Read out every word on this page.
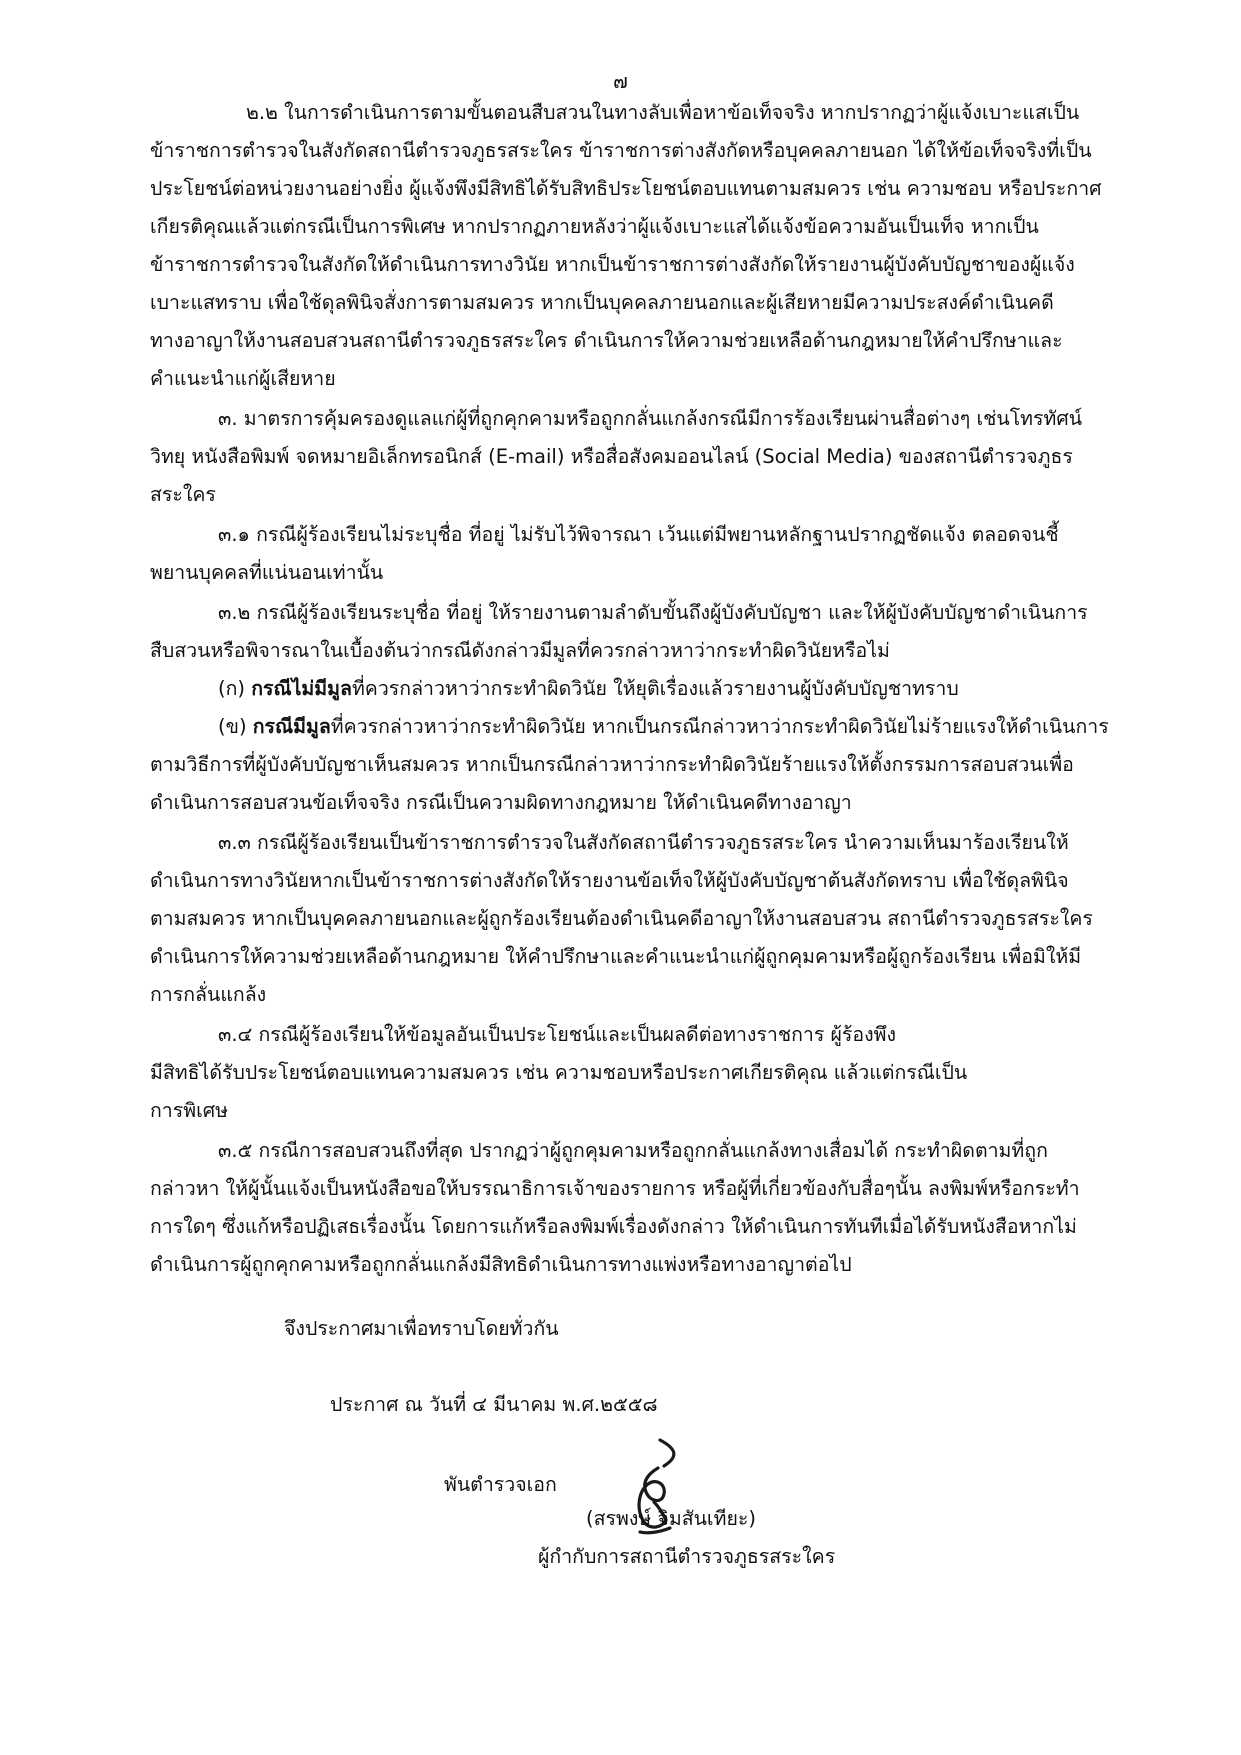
๗
๒.๒ ในการดำเนินการตามขั้นตอนสืบสวนในทางลับเพื่อหาข้อเท็จจริง หากปรากฏว่าผู้แจ้งเบาะแสเป็น
ข้าราชการตำรวจในสังกัดสถานีตำรวจภูธรสระใคร ข้าราชการต่างสังกัดหรือบุคคลภายนอก ได้ให้ข้อเท็จจริงที่เป็น
ประโยชน์ต่อหน่วยงานอย่างยิ่ง ผู้แจ้งพึงมีสิทธิได้รับสิทธิประโยชน์ตอบแทนตามสมควร เช่น ความชอบ หรือประกาศ
เกียรติคุณแล้วแต่กรณีเป็นการพิเศษ หากปรากฏภายหลังว่าผู้แจ้งเบาะแสได้แจ้งข้อความอันเป็นเท็จ หากเป็น
ข้าราชการตำรวจในสังกัดให้ดำเนินการทางวินัย หากเป็นข้าราชการต่างสังกัดให้รายงานผู้บังคับบัญชาของผู้แจ้ง
เบาะแสทราบ เพื่อใช้ดุลพินิจสั่งการตามสมควร หากเป็นบุคคลภายนอกและผู้เสียหายมีความประสงค์ดำเนินคดี
ทางอาญาให้งานสอบสวนสถานีตำรวจภูธรสระใคร ดำเนินการให้ความช่วยเหลือด้านกฎหมายให้คำปรึกษาและ
คำแนะนำแก่ผู้เสียหาย
๓. มาตรการคุ้มครองดูแลแก่ผู้ที่ถูกคุกคามหรือถูกกลั่นแกล้งกรณีมีการร้องเรียนผ่านสื่อต่างๆ เช่นโทรทัศน์
วิทยุ หนังสือพิมพ์ จดหมายอิเล็กทรอนิกส์ (E-mail) หรือสื่อสังคมออนไลน์ (Social Media) ของสถานีตำรวจภูธร
สระใคร
๓.๑ กรณีผู้ร้องเรียนไม่ระบุชื่อ ที่อยู่ ไม่รับไว้พิจารณา เว้นแต่มีพยานหลักฐานปรากฏชัดแจ้ง ตลอดจนชี้
พยานบุคคลที่แน่นอนเท่านั้น
๓.๒ กรณีผู้ร้องเรียนระบุชื่อ ที่อยู่ ให้รายงานตามลำดับขั้นถึงผู้บังคับบัญชา และให้ผู้บังคับบัญชาดำเนินการ
สืบสวนหรือพิจารณาในเบื้องต้นว่ากรณีดังกล่าวมีมูลที่ควรกล่าวหาว่ากระทำผิดวินัยหรือไม่
(ก) กรณีไม่มีมูลที่ควรกล่าวหาว่ากระทำผิดวินัย ให้ยุติเรื่องแล้วรายงานผู้บังคับบัญชาทราบ
(ข) กรณีมีมูลที่ควรกล่าวหาว่ากระทำผิดวินัย หากเป็นกรณีกล่าวหาว่ากระทำผิดวินัยไม่ร้ายแรงให้ดำเนินการ
ตามวิธีการที่ผู้บังคับบัญชาเห็นสมควร หากเป็นกรณีกล่าวหาว่ากระทำผิดวินัยร้ายแรงให้ตั้งกรรมการสอบสวนเพื่อ
ดำเนินการสอบสวนข้อเท็จจริง กรณีเป็นความผิดทางกฎหมาย ให้ดำเนินคดีทางอาญา
๓.๓ กรณีผู้ร้องเรียนเป็นข้าราชการตำรวจในสังกัดสถานีตำรวจภูธรสระใคร นำความเห็นมาร้องเรียนให้
ดำเนินการทางวินัยหากเป็นข้าราชการต่างสังกัดให้รายงานข้อเท็จให้ผู้บังคับบัญชาต้นสังกัดทราบ เพื่อใช้ดุลพินิจ
ตามสมควร หากเป็นบุคคลภายนอกและผู้ถูกร้องเรียนต้องดำเนินคดีอาญาให้งานสอบสวน สถานีตำรวจภูธรสระใคร
ดำเนินการให้ความช่วยเหลือด้านกฎหมาย ให้คำปรึกษาและคำแนะนำแก่ผู้ถูกคุมคามหรือผู้ถูกร้องเรียน เพื่อมิให้มี
การกลั่นแกล้ง
๓.๔ กรณีผู้ร้องเรียนให้ข้อมูลอันเป็นประโยชน์และเป็นผลดีต่อทางราชการ ผู้ร้องพึง
มีสิทธิได้รับประโยชน์ตอบแทนความสมควร เช่น ความชอบหรือประกาศเกียรติคุณ แล้วแต่กรณีเป็น
การพิเศษ
๓.๕ กรณีการสอบสวนถึงที่สุด ปรากฏว่าผู้ถูกคุมคามหรือถูกกลั่นแกล้งทางเสื่อมได้ กระทำผิดตามที่ถูก
กล่าวหา ให้ผู้นั้นแจ้งเป็นหนังสือขอให้บรรณาธิการเจ้าของรายการ หรือผู้ที่เกี่ยวข้องกับสื่อๆนั้น ลงพิมพ์หรือกระทำ
การใดๆ ซึ่งแก้หรือปฏิเสธเรื่องนั้น โดยการแก้หรือลงพิมพ์เรื่องดังกล่าว ให้ดำเนินการทันทีเมื่อได้รับหนังสือหากไม่
ดำเนินการผู้ถูกคุกคามหรือถูกกลั่นแกล้งมีสิทธิดำเนินการทางแพ่งหรือทางอาญาต่อไป
จึงประกาศมาเพื่อทราบโดยทั่วกัน
ประกาศ ณ วันที่ ๔ มีนาคม พ.ศ.๒๕๕๘
พันตำรวจเอก
(สรพงษ์ จิมสันเทียะ)
ผู้กำกับการสถานีตำรวจภูธรสระใคร
